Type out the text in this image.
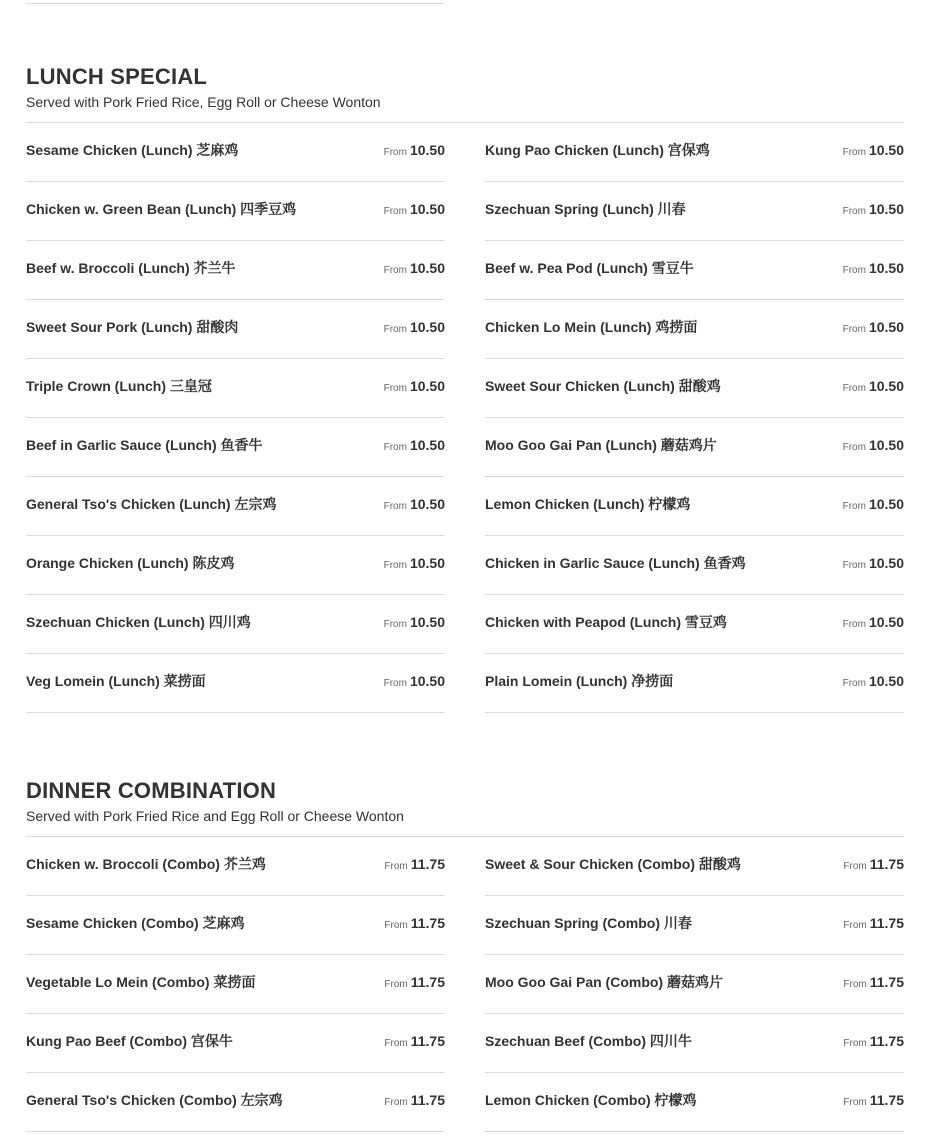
LUNCH SPECIAL

Served with Pork Fried Rice, Egg Roll or Cheese Wonton

Sesame Chicken (Lunch) 芝麻鸡	From 10.50	Kung Pao Chicken (Lunch) 宫保鸡	From 10.50
Chicken w. Green Bean (Lunch) 四季豆鸡	From 10.50	Szechuan Spring (Lunch) 川春	From 10.50
Beef w. Broccoli (Lunch) 芥兰牛	From 10.50	Beef w. Pea Pod (Lunch) 雪豆牛	From 10.50
Sweet Sour Pork (Lunch) 甜酸肉	From 10.50	Chicken Lo Mein (Lunch) 鸡捞面	From 10.50
Triple Crown (Lunch) 三皇冠	From 10.50	Sweet Sour Chicken (Lunch) 甜酸鸡	From 10.50
Beef in Garlic Sauce (Lunch) 鱼香牛	From 10.50	Moo Goo Gai Pan (Lunch) 蘑菇鸡片	From 10.50
General Tso's Chicken (Lunch) 左宗鸡	From 10.50	Lemon Chicken (Lunch) 柠檬鸡	From 10.50
Orange Chicken (Lunch) 陈皮鸡	From 10.50	Chicken in Garlic Sauce (Lunch) 鱼香鸡	From 10.50
Szechuan Chicken (Lunch) 四川鸡	From 10.50	Chicken with Peapod (Lunch) 雪豆鸡	From 10.50
Veg Lomein (Lunch) 菜捞面	From 10.50	Plain Lomein (Lunch) 净捞面	From 10.50
DINNER COMBINATION

Served with Pork Fried Rice and Egg Roll or Cheese Wonton

Chicken w. Broccoli (Combo) 芥兰鸡	From 11.75	Sweet & Sour Chicken (Combo) 甜酸鸡	From 11.75
Sesame Chicken (Combo) 芝麻鸡	From 11.75	Szechuan Spring (Combo) 川春	From 11.75
Vegetable Lo Mein (Combo) 菜捞面	From 11.75	Moo Goo Gai Pan (Combo) 蘑菇鸡片	From 11.75
Kung Pao Beef (Combo) 宫保牛	From 11.75	Szechuan Beef (Combo) 四川牛	From 11.75
General Tso's Chicken (Combo) 左宗鸡	From 11.75	Lemon Chicken (Combo) 柠檬鸡	From 11.75
